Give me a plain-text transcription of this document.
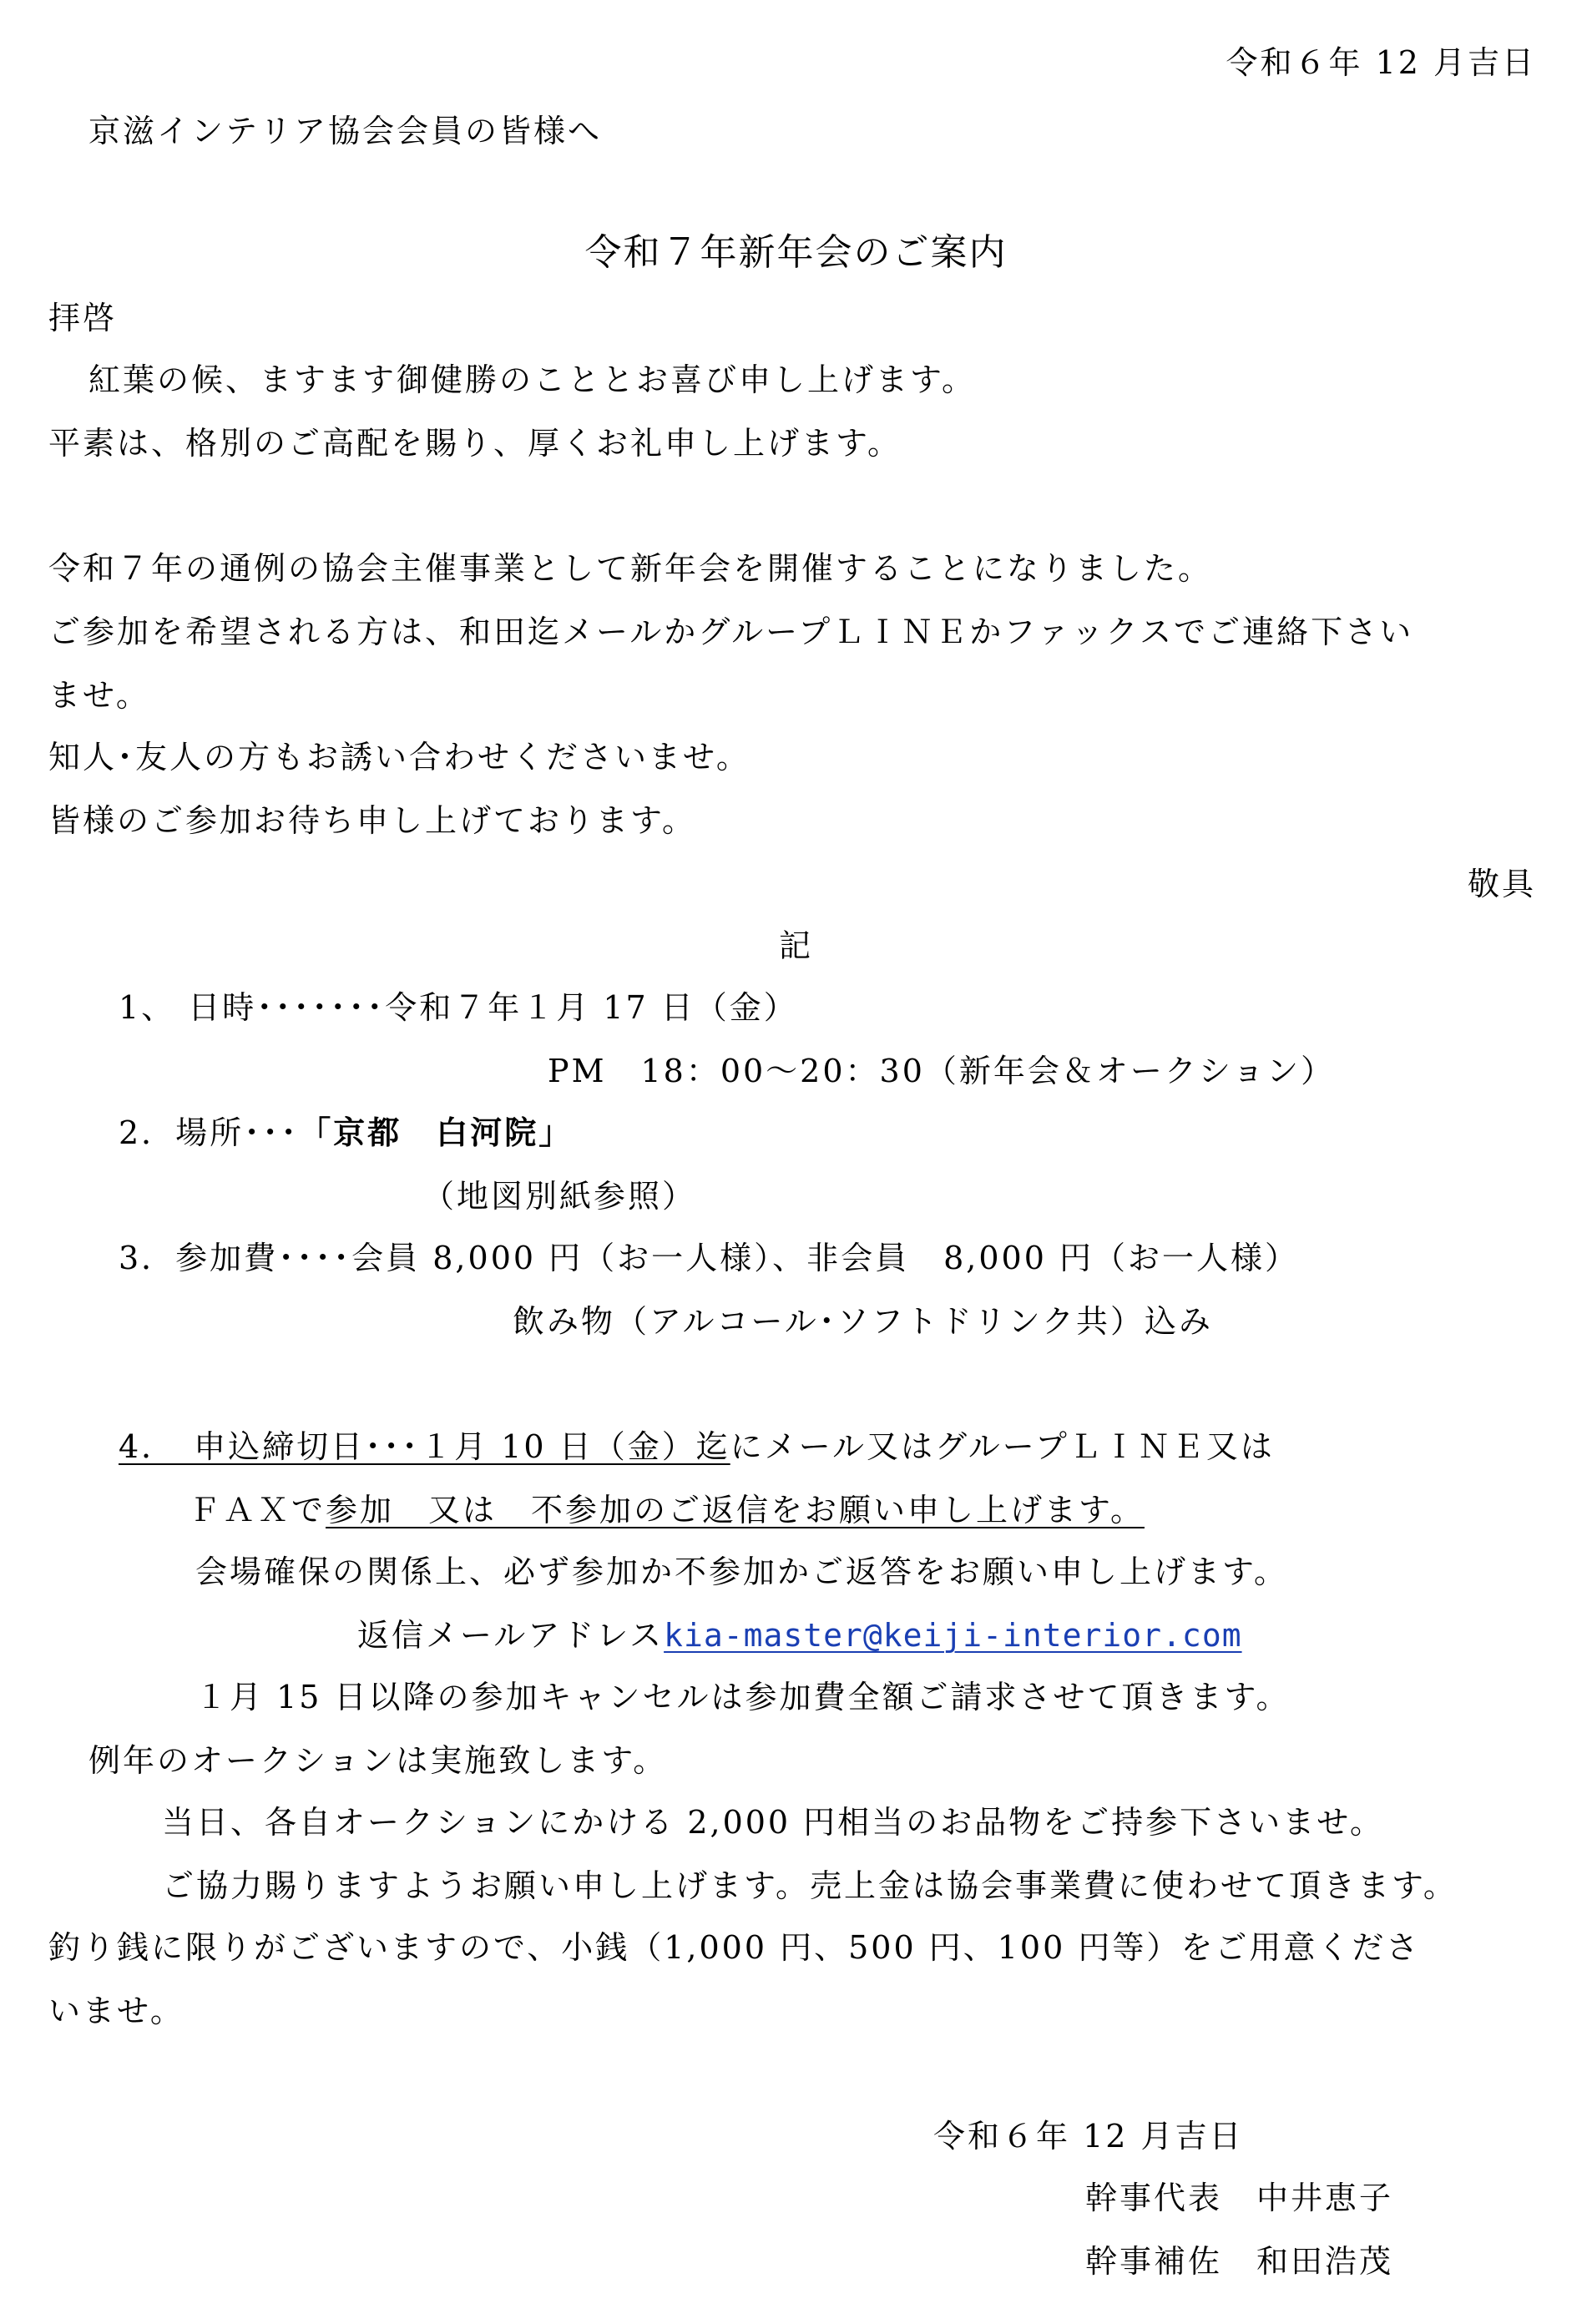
令和６年 12 月吉日
京滋インテリア協会会員の皆様へ
令和７年新年会のご案内
拝啓
紅葉の候、ますます御健勝のこととお喜び申し上げます。
平素は、格別のご高配を賜り、厚くお礼申し上げます。
令和７年の通例の協会主催事業として新年会を開催することになりました。
ご参加を希望される方は、和田迄メールかグループＬＩＮＥかファックスでご連絡下さい
ませ。
知人･友人の方もお誘い合わせくださいませ。
皆様のご参加お待ち申し上げております。
敬具
記
1、 日時･･･････令和７年１月 17 日（金）
PM　18：00～20：30（新年会＆オークション）
2．場所･･･「京都　白河院」
（地図別紙参照）
3．参加費････会員 8,000 円（お一人様）、非会員　8,000 円（お一人様）
飲み物（アルコール･ソフトドリンク共）込み
4．　申込締切日･･･１月 10 日（金）迄にメール又はグループＬＩＮＥ又は
ＦＡＸで参加　又は　不参加のご返信をお願い申し上げます。
会場確保の関係上、必ず参加か不参加かご返答をお願い申し上げます。
返信メールアドレスkia-master@keiji-interior.com
１月 15 日以降の参加キャンセルは参加費全額ご請求させて頂きます。
例年のオークションは実施致します。
当日、各自オークションにかける 2,000 円相当のお品物をご持参下さいませ。
ご協力賜りますようお願い申し上げます。売上金は協会事業費に使わせて頂きます。
釣り銭に限りがございますので、小銭（1,000 円、500 円、100 円等）をご用意くださ
いませ。
令和６年 12 月吉日
幹事代表　中井恵子
幹事補佐　和田浩茂
